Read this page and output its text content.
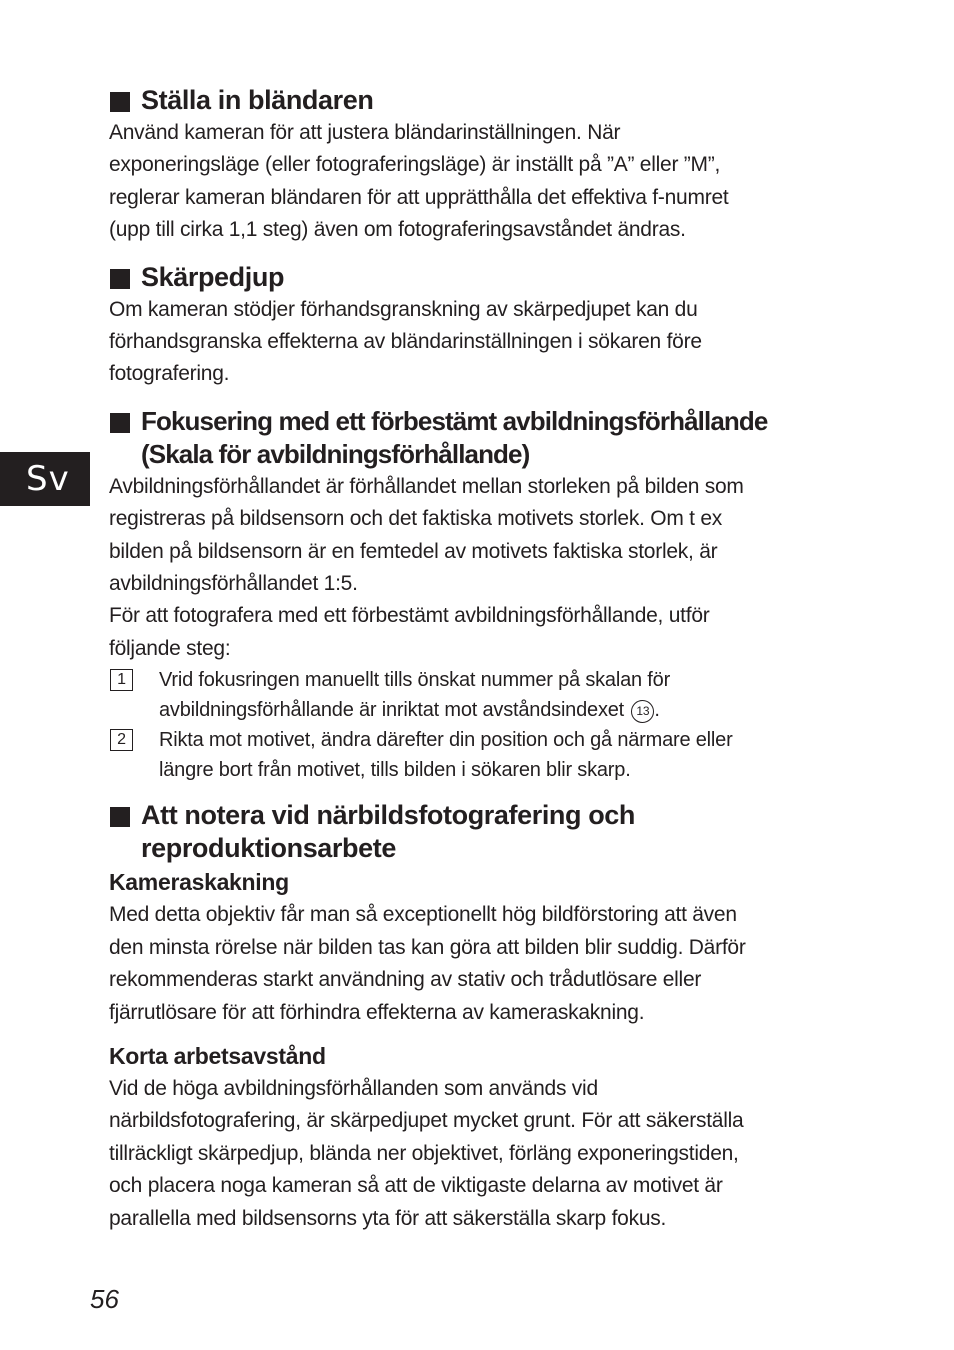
Sv
Ställa in bländaren

Använd kameran för att justera bländarinställningen. När
exponeringsläge (eller fotograferingsläge) är inställt på ”A” eller ”M”,
reglerar kameran bländaren för att upprätthålla det effektiva f-numret
(upp till cirka 1,1 steg) även om fotograferingsavståndet ändras.

Skärpedjup

Om kameran stödjer förhandsgranskning av skärpedjupet kan du
förhandsgranska effekterna av bländarinställningen i sökaren före
fotografering.

Fokusering med ett förbestämt avbildningsförhållande
(Skala för avbildningsförhållande)

Avbildningsförhållandet är förhållandet mellan storleken på bilden som
registreras på bildsensorn och det faktiska motivets storlek. Om t ex
bilden på bildsensorn är en femtedel av motivets faktiska storlek, är
avbildningsförhållandet 1:5.

För att fotografera med ett förbestämt avbildningsförhållande, utför
följande steg:

1	Vrid fokusringen manuellt tills önskat nummer på skalan för
avbildningsförhållande är inriktat mot avståndsindexet 13 .
2	Rikta mot motivet, ändra därefter din position och gå närmare eller
längre bort från motivet, tills bilden i sökaren blir skarp.
Att notera vid närbildsfotografering och
reproduktionsarbete
Kameraskakning

Med detta objektiv får man så exceptionellt hög bildförstoring att även
den minsta rörelse när bilden tas kan göra att bilden blir suddig. Därför
rekommenderas starkt användning av stativ och trådutlösare eller
fjärrutlösare för att förhindra effekterna av kameraskakning.

Korta arbetsavstånd

Vid de höga avbildningsförhållanden som används vid
närbildsfotografering, är skärpedjupet mycket grunt. För att säkerställa
tillräckligt skärpedjup, blända ner objektivet, förläng exponeringstiden,
och placera noga kameran så att de viktigaste delarna av motivet är
parallella med bildsensorns yta för att säkerställa skarp fokus.

56
